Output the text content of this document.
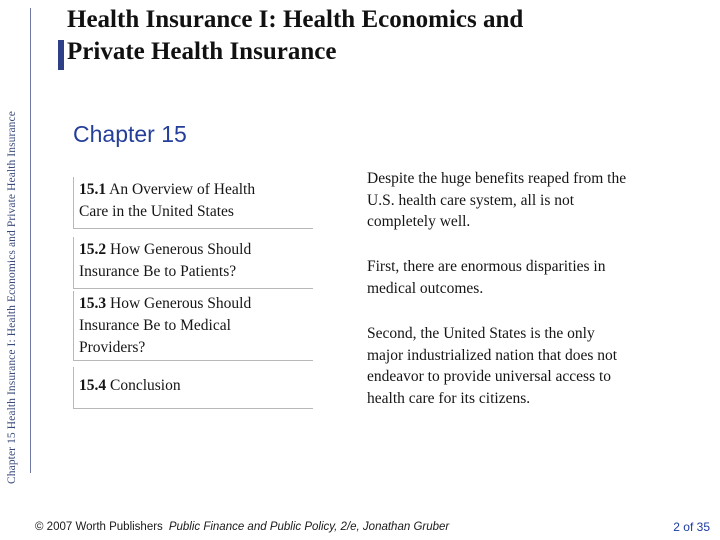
Chapter 15 Health Insurance I: Health Economics and Private Health Insurance
Health Insurance I: Health Economics and
Private Health Insurance
Chapter 15
15.1 An Overview of Health
Care in the United States
15.2 How Generous Should
Insurance Be to Patients?
15.3 How Generous Should
Insurance Be to Medical
Providers?
15.4 Conclusion
Despite the huge benefits reaped from the
U.S. health care system, all is not
completely well.
First, there are enormous disparities in
medical outcomes.
Second, the United States is the only
major industrialized nation that does not
endeavor to provide universal access to
health care for its citizens.
© 2007 Worth Publishers Public Finance and Public Policy, 2/e, Jonathan Gruber	2 of 35
